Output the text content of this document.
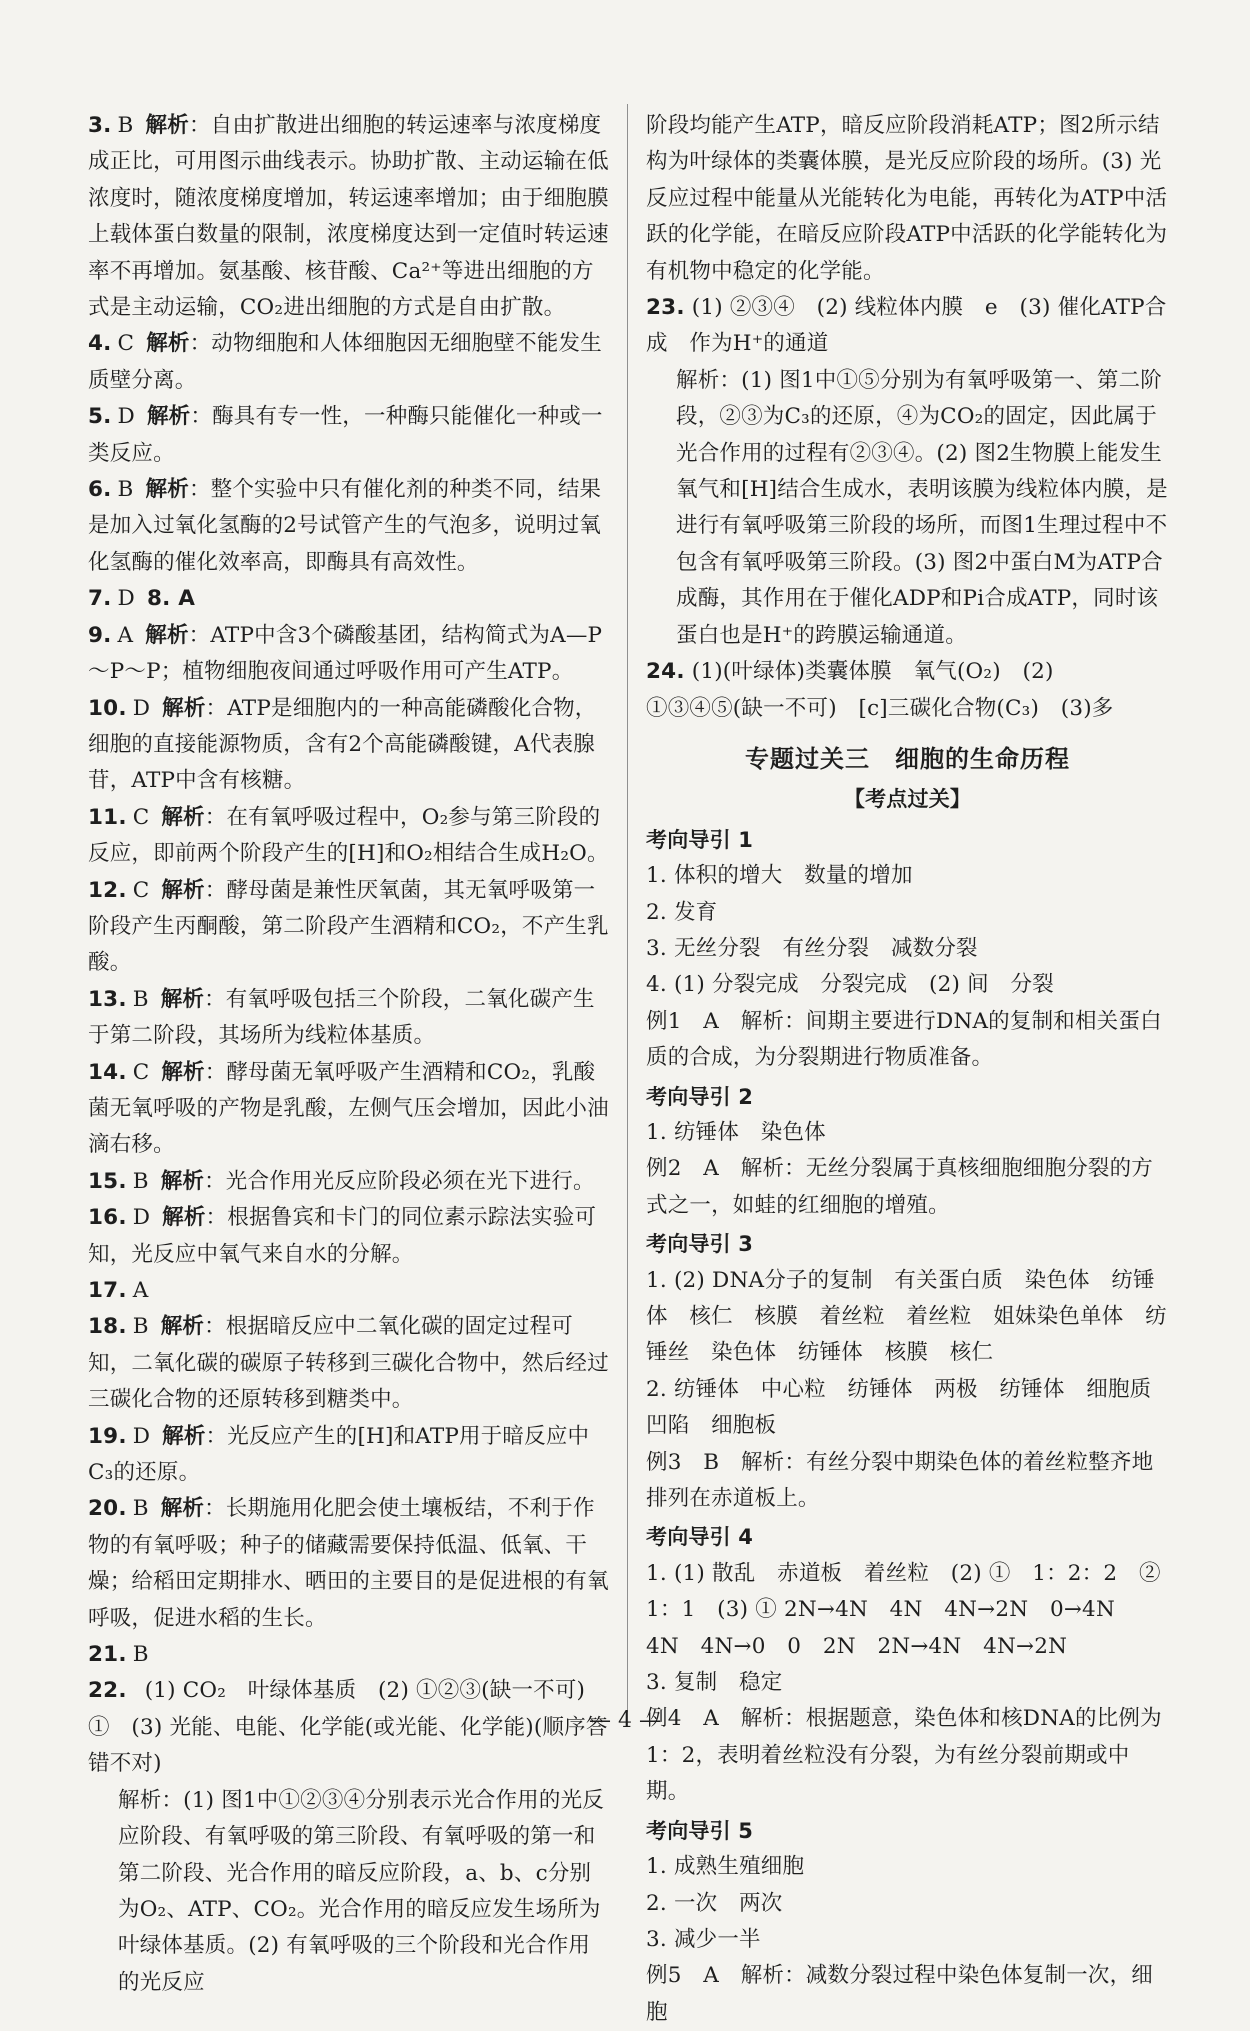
3. B 解析：自由扩散进出细胞的转运速率与浓度梯度成正比，可用图示曲线表示。协助扩散、主动运输在低浓度时，随浓度梯度增加，转运速率增加；由于细胞膜上载体蛋白数量的限制，浓度梯度达到一定值时转运速率不再增加。氨基酸、核苷酸、Ca²⁺等进出细胞的方式是主动运输，CO₂进出细胞的方式是自由扩散。

4. C 解析：动物细胞和人体细胞因无细胞壁不能发生质壁分离。

5. D 解析：酶具有专一性，一种酶只能催化一种或一类反应。

6. B 解析：整个实验中只有催化剂的种类不同，结果是加入过氧化氢酶的2号试管产生的气泡多，说明过氧化氢酶的催化效率高，即酶具有高效性。

7. D 8. A

9. A 解析：ATP中含3个磷酸基团，结构简式为A—P～P～P；植物细胞夜间通过呼吸作用可产生ATP。

10. D 解析：ATP是细胞内的一种高能磷酸化合物，细胞的直接能源物质，含有2个高能磷酸键，A代表腺苷，ATP中含有核糖。

11. C 解析：在有氧呼吸过程中，O₂参与第三阶段的反应，即前两个阶段产生的[H]和O₂相结合生成H₂O。

12. C 解析：酵母菌是兼性厌氧菌，其无氧呼吸第一阶段产生丙酮酸，第二阶段产生酒精和CO₂，不产生乳酸。

13. B 解析：有氧呼吸包括三个阶段，二氧化碳产生于第二阶段，其场所为线粒体基质。

14. C 解析：酵母菌无氧呼吸产生酒精和CO₂，乳酸菌无氧呼吸的产物是乳酸，左侧气压会增加，因此小油滴右移。

15. B 解析：光合作用光反应阶段必须在光下进行。

16. D 解析：根据鲁宾和卡门的同位素示踪法实验可知，光反应中氧气来自水的分解。

17. A

18. B 解析：根据暗反应中二氧化碳的固定过程可知，二氧化碳的碳原子转移到三碳化合物中，然后经过三碳化合物的还原转移到糖类中。

19. D 解析：光反应产生的[H]和ATP用于暗反应中C₃的还原。

20. B 解析：长期施用化肥会使土壤板结，不利于作物的有氧呼吸；种子的储藏需要保持低温、低氧、干燥；给稻田定期排水、晒田的主要目的是促进根的有氧呼吸，促进水稻的生长。

21. B

22. (1) CO₂　叶绿体基质　(2) ①②③(缺一不可)　①　(3) 光能、电能、化学能(或光能、化学能)(顺序答错不对)

解析：(1) 图1中①②③④分别表示光合作用的光反应阶段、有氧呼吸的第三阶段、有氧呼吸的第一和第二阶段、光合作用的暗反应阶段，a、b、c分别为O₂、ATP、CO₂。光合作用的暗反应发生场所为叶绿体基质。(2) 有氧呼吸的三个阶段和光合作用的光反应

阶段均能产生ATP，暗反应阶段消耗ATP；图2所示结构为叶绿体的类囊体膜，是光反应阶段的场所。(3) 光反应过程中能量从光能转化为电能，再转化为ATP中活跃的化学能，在暗反应阶段ATP中活跃的化学能转化为有机物中稳定的化学能。

23. (1) ②③④　(2) 线粒体内膜　e　(3) 催化ATP合成　作为H⁺的通道

解析：(1) 图1中①⑤分别为有氧呼吸第一、第二阶段，②③为C₃的还原，④为CO₂的固定，因此属于光合作用的过程有②③④。(2) 图2生物膜上能发生氧气和[H]结合生成水，表明该膜为线粒体内膜，是进行有氧呼吸第三阶段的场所，而图1生理过程中不包含有氧呼吸第三阶段。(3) 图2中蛋白M为ATP合成酶，其作用在于催化ADP和Pi合成ATP，同时该蛋白也是H⁺的跨膜运输通道。

24. (1)(叶绿体)类囊体膜　氧气(O₂)　(2) ①③④⑤(缺一不可)　[c]三碳化合物(C₃)　(3)多

专题过关三　细胞的生命历程
【考点过关】
考向导引 1

1. 体积的增大　数量的增加

2. 发育

3. 无丝分裂　有丝分裂　减数分裂

4. (1) 分裂完成　分裂完成　(2) 间　分裂

例1　A　解析：间期主要进行DNA的复制和相关蛋白质的合成，为分裂期进行物质准备。

考向导引 2

1. 纺锤体　染色体

例2　A　解析：无丝分裂属于真核细胞细胞分裂的方式之一，如蛙的红细胞的增殖。

考向导引 3

1. (2) DNA分子的复制　有关蛋白质　染色体　纺锤体　核仁　核膜　着丝粒　着丝粒　姐妹染色单体　纺锤丝　染色体　纺锤体　核膜　核仁

2. 纺锤体　中心粒　纺锤体　两极　纺锤体　细胞质凹陷　细胞板

例3　B　解析：有丝分裂中期染色体的着丝粒整齐地排列在赤道板上。

考向导引 4

1. (1) 散乱　赤道板　着丝粒　(2) ①　1：2：2　② 1：1　(3) ① 2N→4N　4N　4N→2N　0→4N　4N　4N→0　0　2N　2N→4N　4N→2N

3. 复制　稳定

例4　A　解析：根据题意，染色体和核DNA的比例为1：2，表明着丝粒没有分裂，为有丝分裂前期或中期。

考向导引 5

1. 成熟生殖细胞

2. 一次　两次

3. 减少一半

例5　A　解析：减数分裂过程中染色体复制一次，细胞

— 4 —
